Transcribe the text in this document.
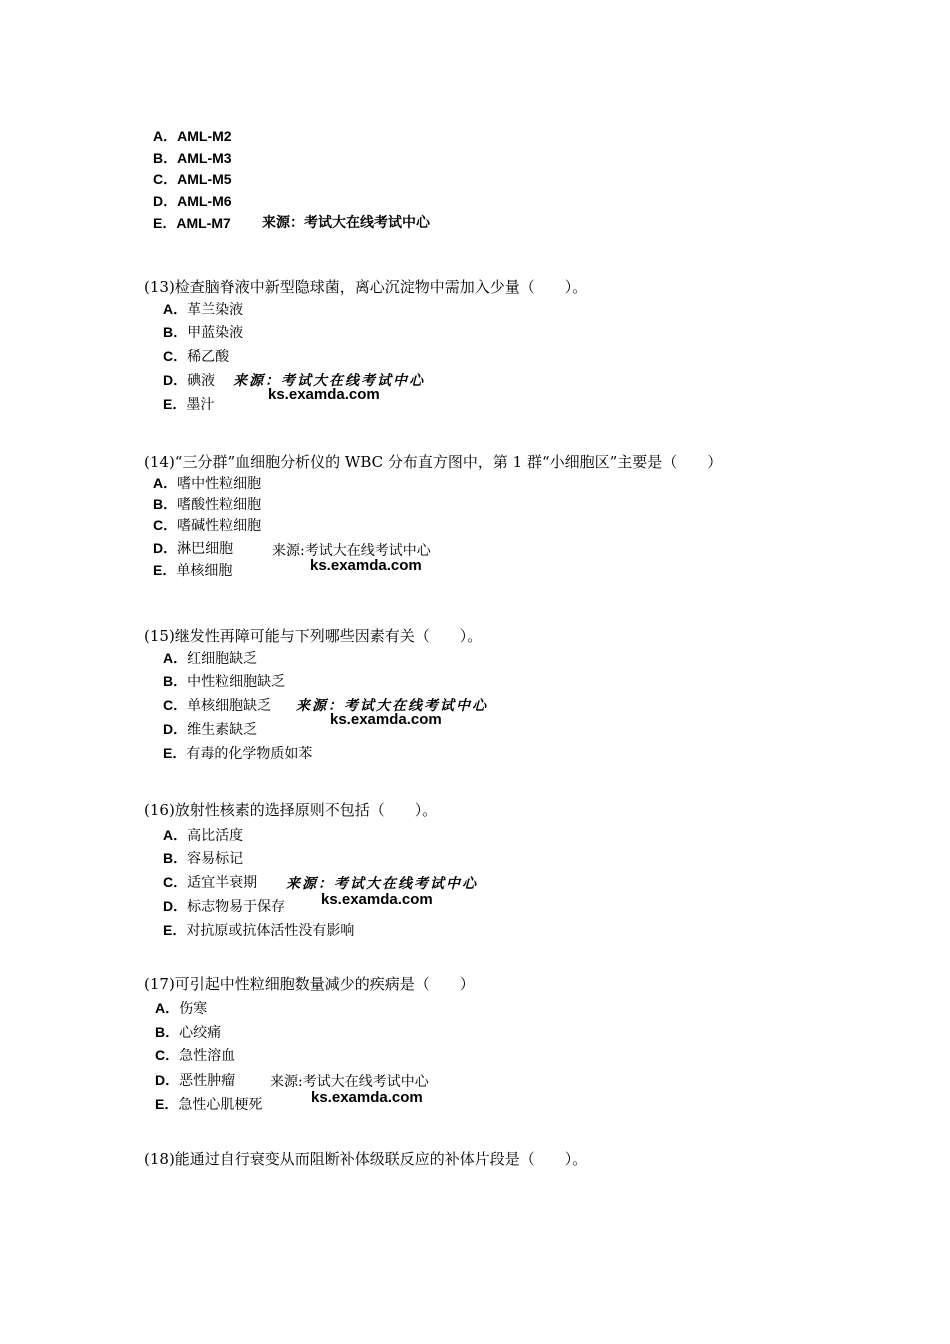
A．AML-M2
B．AML-M3
C．AML-M5
D．AML-M6
E．AML-M7 来源：考试大在线考试中心
(13)检查脑脊液中新型隐球菌，离心沉淀物中需加入少量（　　）。
A．革兰染液
B．甲蓝染液
C．稀乙酸
D．碘液
E．墨汁
来源：考试大在线考试中心
ks.examda.com
(14)“三分群”血细胞分析仪的 WBC 分布直方图中，第 1 群“小细胞区”主要是（　　）
A．嗜中性粒细胞
B．嗜酸性粒细胞
C．嗜碱性粒细胞
D．淋巴细胞
E．单核细胞
来源:考试大在线考试中心
ks.examda.com
(15)继发性再障可能与下列哪些因素有关（　　）。
A．红细胞缺乏
B．中性粒细胞缺乏
C．单核细胞缺乏
D．维生素缺乏
E．有毒的化学物质如苯
来源：考试大在线考试中心
ks.examda.com
(16)放射性核素的选择原则不包括（　　）。
A．高比活度
B．容易标记
C．适宜半衰期
D．标志物易于保存
E．对抗原或抗体活性没有影响
来源：考试大在线考试中心
ks.examda.com
(17)可引起中性粒细胞数量减少的疾病是（　　）
A．伤寒
B．心绞痛
C．急性溶血
D．恶性肿瘤
E．急性心肌梗死
来源:考试大在线考试中心
ks.examda.com
(18)能通过自行衰变从而阻断补体级联反应的补体片段是（　　）。
